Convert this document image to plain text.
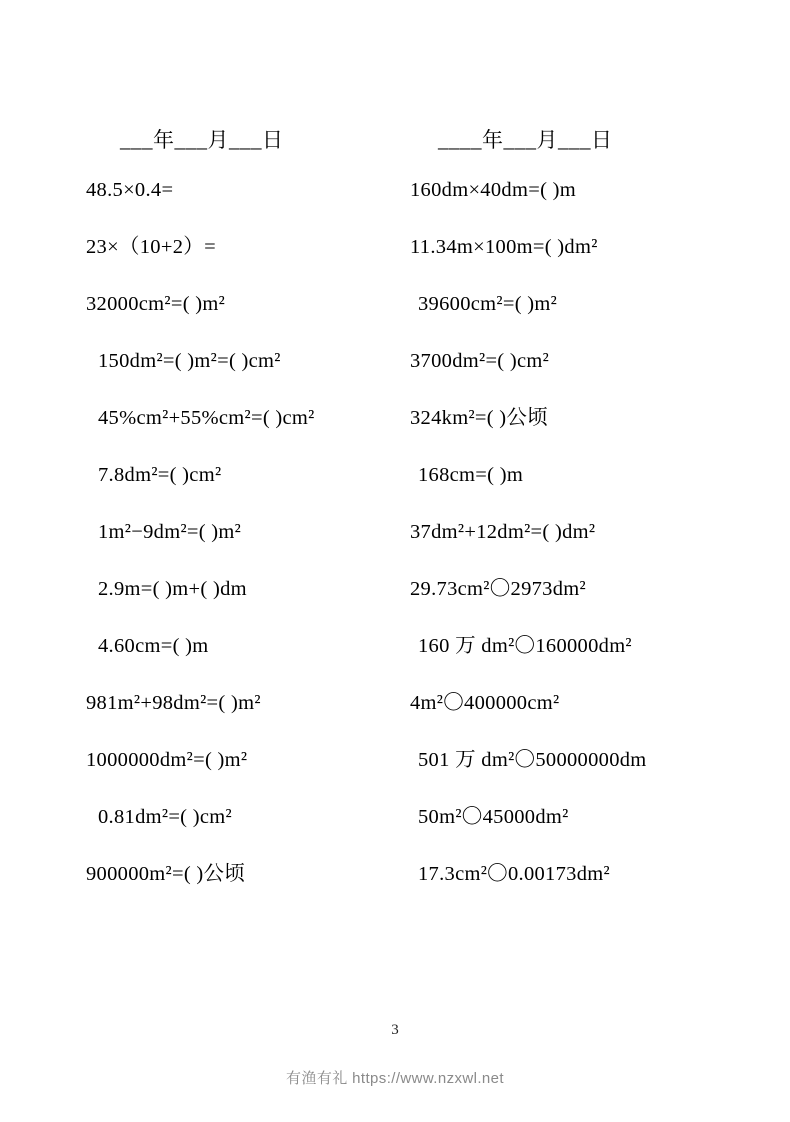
___年___月___日
48.5×0.4=
23×（10+2）=
32000cm²=( )m²
150dm²=( )m²=( )cm²
45%cm²+55%cm²=( )cm²
7.8dm²=( )cm²
1m²−9dm²=( )m²
2.9m=( )m+( )dm
4.60cm=( )m
981m²+98dm²=( )m²
1000000dm²=( )m²
0.81dm²=( )cm²
900000m²=( )公顷
____年___月___日
160dm×40dm=( )m
11.34m×100m=( )dm²
39600cm²=( )m²
3700dm²=( )cm²
324km²=( )公顷
168cm=( )m
37dm²+12dm²=( )dm²
29.73cm²〇2973dm²
160 万 dm²〇160000dm²
4m²〇400000cm²
501 万 dm²〇50000000dm
50m²〇45000dm²
17.3cm²〇0.00173dm²
3
有渔有礼 https://www.nzxwl.net
